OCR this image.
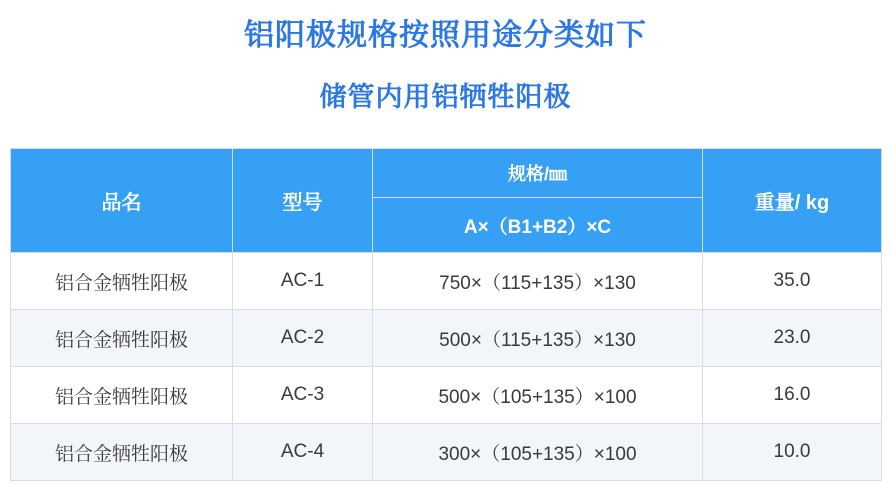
铝阳极规格按照用途分类如下
储管内用铝牺牲阳极
品名	型号	规格/㎜	重量/ kg
		A×（B1+B2）×C	
铝合金牺牲阳极	AC-1	750×（115+135）×130	35.0
铝合金牺牲阳极	AC-2	500×（115+135）×130	23.0
铝合金牺牲阳极	AC-3	500×（105+135）×100	16.0
铝合金牺牲阳极	AC-4	300×（105+135）×100	10.0
